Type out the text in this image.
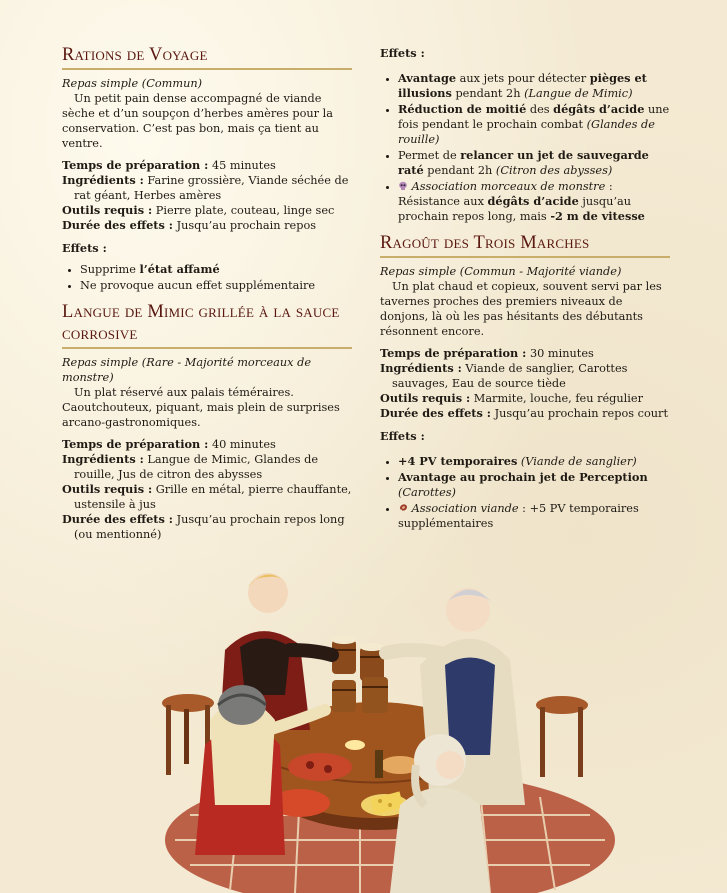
Rations de Voyage

Repas simple (Commun)

Un petit pain dense accompagné de viande sèche et d’un soupçon d’herbes amères pour la conservation. C’est pas bon, mais ça tient au ventre.

Temps de préparation : 45 minutes

Ingrédients : Farine grossière, Viande séchée de rat géant, Herbes amères

Outils requis : Pierre plate, couteau, linge sec

Durée des effets : Jusqu’au prochain repos

Effets :

• Supprime l’état affamé
• Ne provoque aucun effet supplémentaire
Langue de Mimic grillée à la sauce corrosive

Repas simple (Rare - Majorité morceaux de monstre)

Un plat réservé aux palais téméraires.

Caoutchouteux, piquant, mais plein de surprises arcano-gastronomiques.

Temps de préparation : 40 minutes

Ingrédients : Langue de Mimic, Glandes de rouille, Jus de citron des abysses

Outils requis : Grille en métal, pierre chauffante, ustensile à jus

Durée des effets : Jusqu’au prochain repos long (ou mentionné)

Effets :

• Avantage aux jets pour détecter pièges et illusions pendant 2h (Langue de Mimic)
• Réduction de moitié des dégâts d’acide une fois pendant le prochain combat (Glandes de rouille)
• Permet de relancer un jet de sauvegarde raté pendant 2h (Citron des abysses)
• Association morceaux de monstre : Résistance aux dégâts d’acide jusqu’au prochain repos long, mais -2 m de vitesse
Ragoût des Trois Marches

Repas simple (Commun - Majorité viande)

Un plat chaud et copieux, souvent servi par les tavernes proches des premiers niveaux de donjons, là où les pas hésitants des débutants résonnent encore.

Temps de préparation : 30 minutes

Ingrédients : Viande de sanglier, Carottes sauvages, Eau de source tiède

Outils requis : Marmite, louche, feu régulier

Durée des effets : Jusqu’au prochain repos court

Effets :

• +4 PV temporaires (Viande de sanglier)
• Avantage au prochain jet de Perception (Carottes)
• Association viande : +5 PV temporaires supplémentaires
